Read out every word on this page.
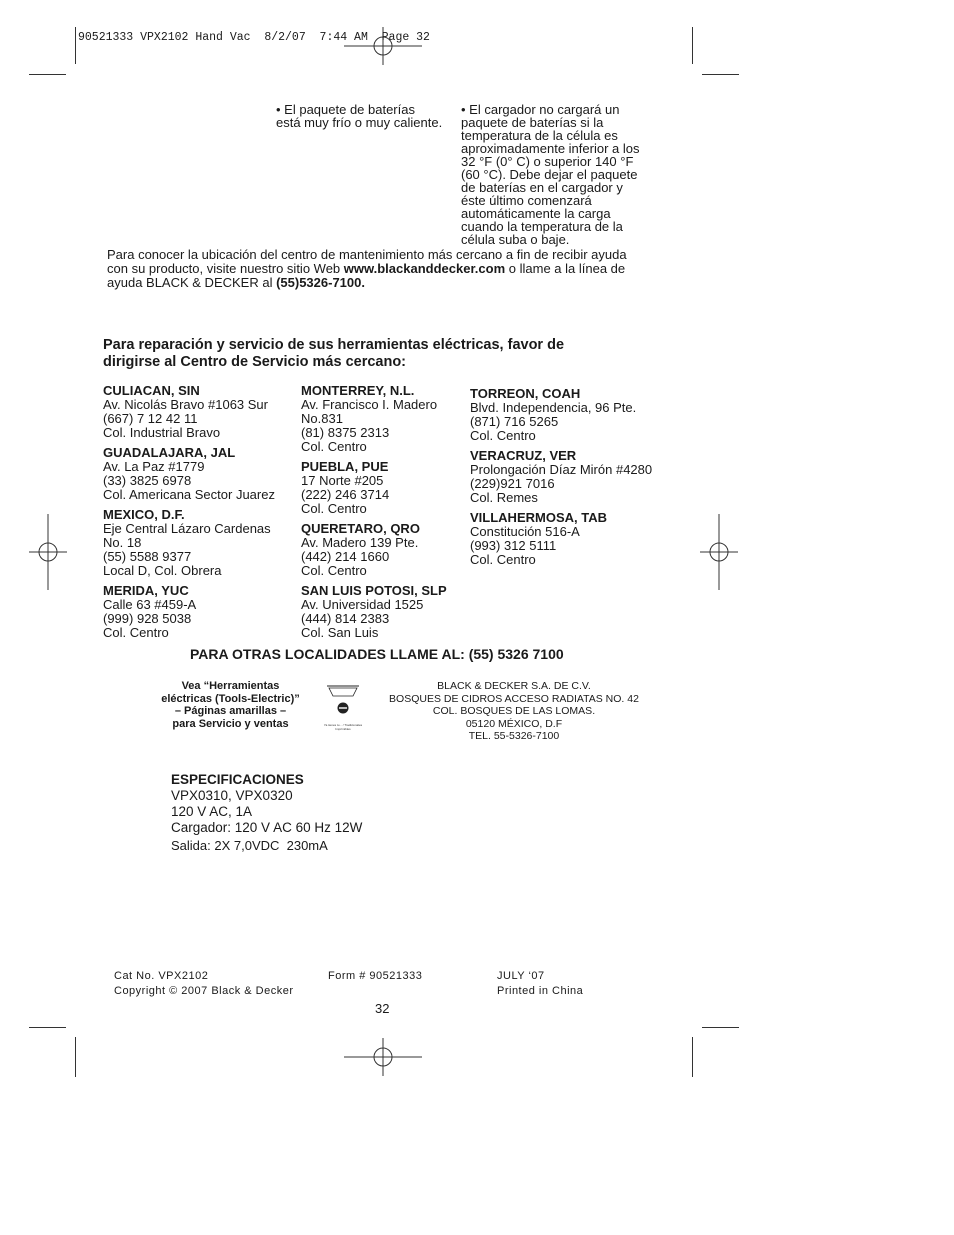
90521333 VPX2102 Hand Vac  8/2/07  7:44 AM  Page 32
• El paquete de baterías
está muy frío o muy caliente.
• El cargador no cargará un
paquete de baterías si la
temperatura de la célula es
aproximadamente inferior a los
32 °F (0° C) o superior 140 °F
(60 °C). Debe dejar el paquete
de baterías en el cargador y
éste último comenzará
automáticamente la carga
cuando la temperatura de la
célula suba o baje.
Para conocer la ubicación del centro de mantenimiento más cercano a fin de recibir ayuda
con su producto, visite nuestro sitio Web www.blackanddecker.com o llame a la línea de
ayuda BLACK & DECKER al (55)5326-7100.
Para reparación y servicio de sus herramientas eléctricas, favor de
dirigirse al Centro de Servicio más cercano:
CULIACAN, SIN
Av. Nicolás Bravo #1063 Sur
(667) 7 12 42 11
Col. Industrial Bravo
GUADALAJARA, JAL
Av. La Paz #1779
(33) 3825 6978
Col. Americana Sector Juarez
MEXICO, D.F.
Eje Central Lázaro Cardenas
No. 18
(55) 5588 9377
Local D, Col. Obrera
MERIDA, YUC
Calle 63 #459-A
(999) 928 5038
Col. Centro
MONTERREY, N.L.
Av. Francisco I. Madero
No.831
(81) 8375 2313
Col. Centro
PUEBLA, PUE
17 Norte #205
(222) 246 3714
Col. Centro
QUERETARO, QRO
Av. Madero 139 Pte.
(442) 214 1660
Col. Centro
SAN LUIS POTOSI, SLP
Av. Universidad 1525
(444) 814 2383
Col. San Luis
TORREON, COAH
Blvd. Independencia, 96 Pte.
(871) 716 5265
Col. Centro
VERACRUZ, VER
Prolongación Díaz Mirón #4280
(229)921 7016
Col. Remes
VILLAHERMOSA, TAB
Constitución 516-A
(993) 312 5111
Col. Centro
PARA OTRAS LOCALIDADES LLAME AL: (55) 5326 7100
Vea “Herramientas
eléctricas (Tools-Electric)”
– Páginas amarillas –
para Servicio y ventas	Ya tienes tu... / Tradicionales Imprimibles
BLACK & DECKER S.A. DE C.V.
BOSQUES DE CIDROS ACCESO RADIATAS NO. 42
COL. BOSQUES DE LAS LOMAS.
05120 MÉXICO, D.F
TEL. 55-5326-7100
ESPECIFICACIONES
VPX0310, VPX0320
120 V AC, 1A
Cargador: 120 V AC 60 Hz 12W
Salida: 2X 7,0VDC  230mA
Cat No. VPX2102
Copyright © 2007 Black & Decker
Form # 90521333	JULY ‘07
Printed in China
32
